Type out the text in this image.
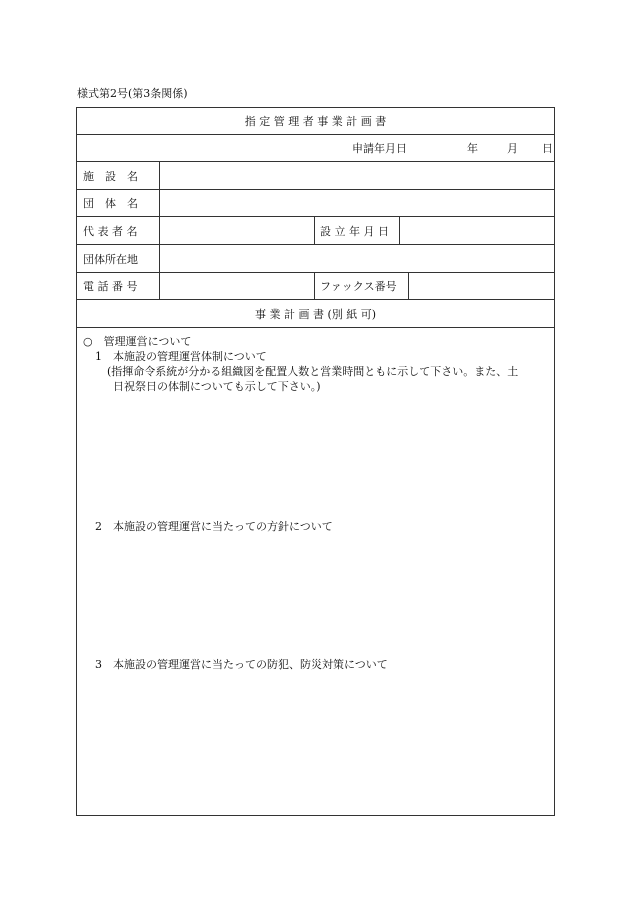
様式第2号(第3条関係)
指 定 管 理 者 事 業 計 画 書
申請年月日	年	月 日
施　設　名
団　体　名
代 表 者 名	設 立 年 月 日
団体所在地
電 話 番 号	ファックス番号
事 業 計 画 書 (別 紙 可)
○　管理運営について
1　本施設の管理運営体制について
(指揮命令系統が分かる組織図を配置人数と営業時間ともに示して下さい。また、土
日祝祭日の体制についても示して下さい。)
2　本施設の管理運営に当たっての方針について
3　本施設の管理運営に当たっての防犯、防災対策について
